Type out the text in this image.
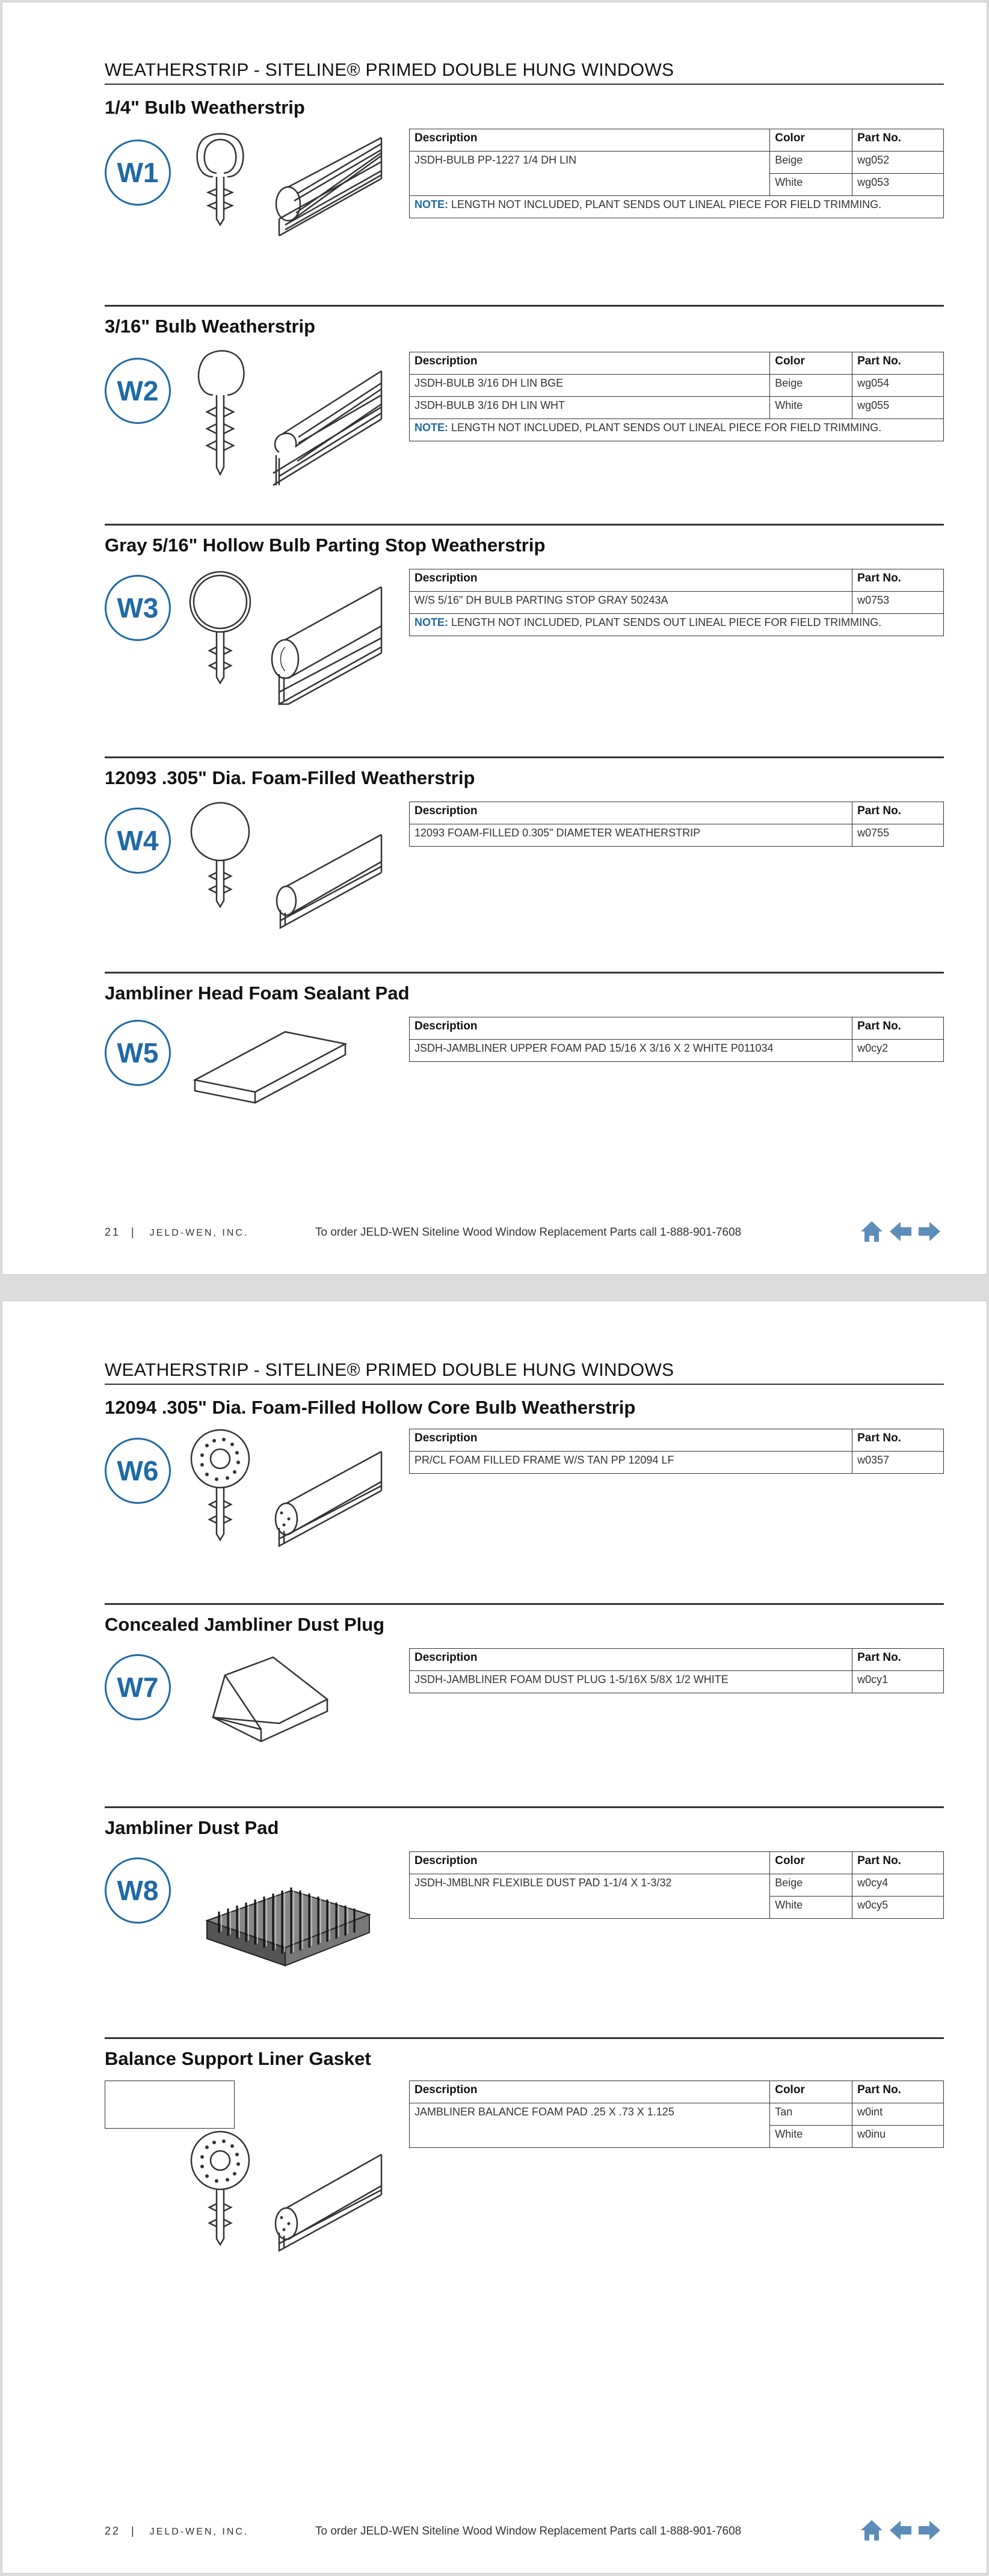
WEATHERSTRIP - SITELINE® PRIMED DOUBLE HUNG WINDOWS
1/4" Bulb Weatherstrip
W1
Description	Color	Part No.
JSDH-BULB PP-1227 1/4 DH LIN	Beige	wg052
	White	wg053
NOTE: LENGTH NOT INCLUDED, PLANT SENDS OUT LINEAL PIECE FOR FIELD TRIMMING.		
3/16" Bulb Weatherstrip
W2
Description	Color	Part No.
JSDH-BULB 3/16 DH LIN BGE	Beige	wg054
JSDH-BULB 3/16 DH LIN WHT	White	wg055
NOTE: LENGTH NOT INCLUDED, PLANT SENDS OUT LINEAL PIECE FOR FIELD TRIMMING.		
Gray 5/16" Hollow Bulb Parting Stop Weatherstrip
W3
Description	Part No.
W/S 5/16" DH BULB PARTING STOP GRAY 50243A	w0753
NOTE: LENGTH NOT INCLUDED, PLANT SENDS OUT LINEAL PIECE FOR FIELD TRIMMING.	
12093 .305" Dia. Foam-Filled Weatherstrip
W4
Description	Part No.
12093 FOAM-FILLED 0.305" DIAMETER WEATHERSTRIP	w0755
Jambliner Head Foam Sealant Pad
W5
Description	Part No.
JSDH-JAMBLINER UPPER FOAM PAD 15/16 X 3/16 X 2 WHITE P011034	w0cy2
21 | JELD-WEN, INC.	To order JELD-WEN Siteline Wood Window Replacement Parts call 1-888-901-7608
WEATHERSTRIP - SITELINE® PRIMED DOUBLE HUNG WINDOWS
12094 .305" Dia. Foam-Filled Hollow Core Bulb Weatherstrip
W6
Description	Part No.
PR/CL FOAM FILLED FRAME W/S TAN PP 12094 LF	w0357
Concealed Jambliner Dust Plug
W7
Description	Part No.
JSDH-JAMBLINER FOAM DUST PLUG 1-5/16X 5/8X 1/2 WHITE	w0cy1
Jambliner Dust Pad
W8
Description	Color	Part No.
JSDH-JMBLNR FLEXIBLE DUST PAD 1-1/4 X 1-3/32	Beige	w0cy4
	White	w0cy5
Balance Support Liner Gasket
Description	Color	Part No.
JAMBLINER BALANCE FOAM PAD .25 X .73 X 1.125	Tan	w0int
	White	w0inu
22 | JELD-WEN, INC.	To order JELD-WEN Siteline Wood Window Replacement Parts call 1-888-901-7608
